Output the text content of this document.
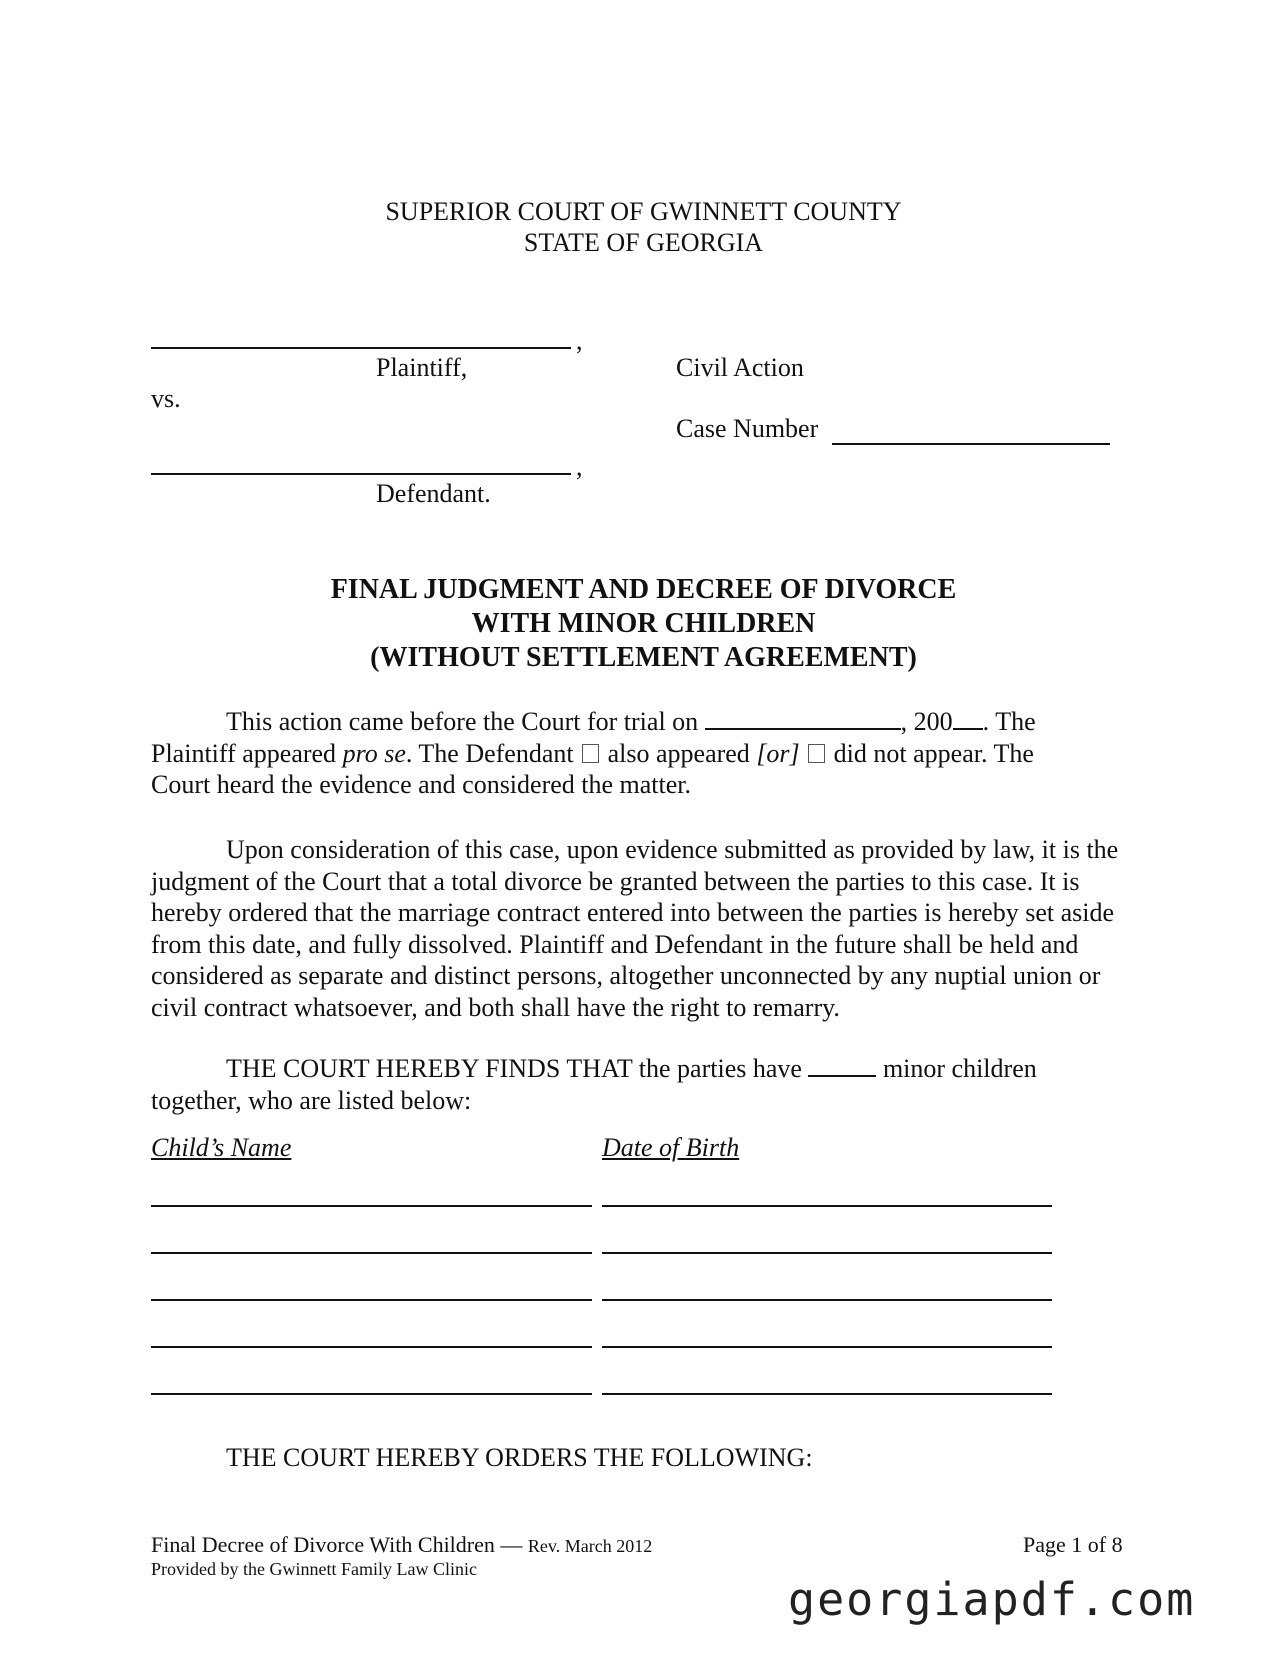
SUPERIOR COURT OF GWINNETT COUNTY
STATE OF GEORGIA
,
Plaintiff,
vs.
,
Defendant.
Civil Action
Case Number
FINAL JUDGMENT AND DECREE OF DIVORCE
WITH MINOR CHILDREN
(WITHOUT SETTLEMENT AGREEMENT)
This action came before the Court for trial on	, 200 . The
Plaintiff appeared pro se. The Defendant also appeared [or] did not appear. The
Court heard the evidence and considered the matter.
Upon consideration of this case, upon evidence submitted as provided by law, it is the judgment of the Court that a total divorce be granted between the parties to this case. It is hereby ordered that the marriage contract entered into between the parties is hereby set aside from this date, and fully dissolved. Plaintiff and Defendant in the future shall be held and considered as separate and distinct persons, altogether unconnected by any nuptial union or civil contract whatsoever, and both shall have the right to remarry.
THE COURT HEREBY FINDS THAT the parties have	minor children
together, who are listed below:
Child’s Name	Date of Birth
THE COURT HEREBY ORDERS THE FOLLOWING:
Final Decree of Divorce With Children — Rev. March 2012
Provided by the Gwinnett Family Law Clinic
Page 1 of 8
georgiapdf.com
